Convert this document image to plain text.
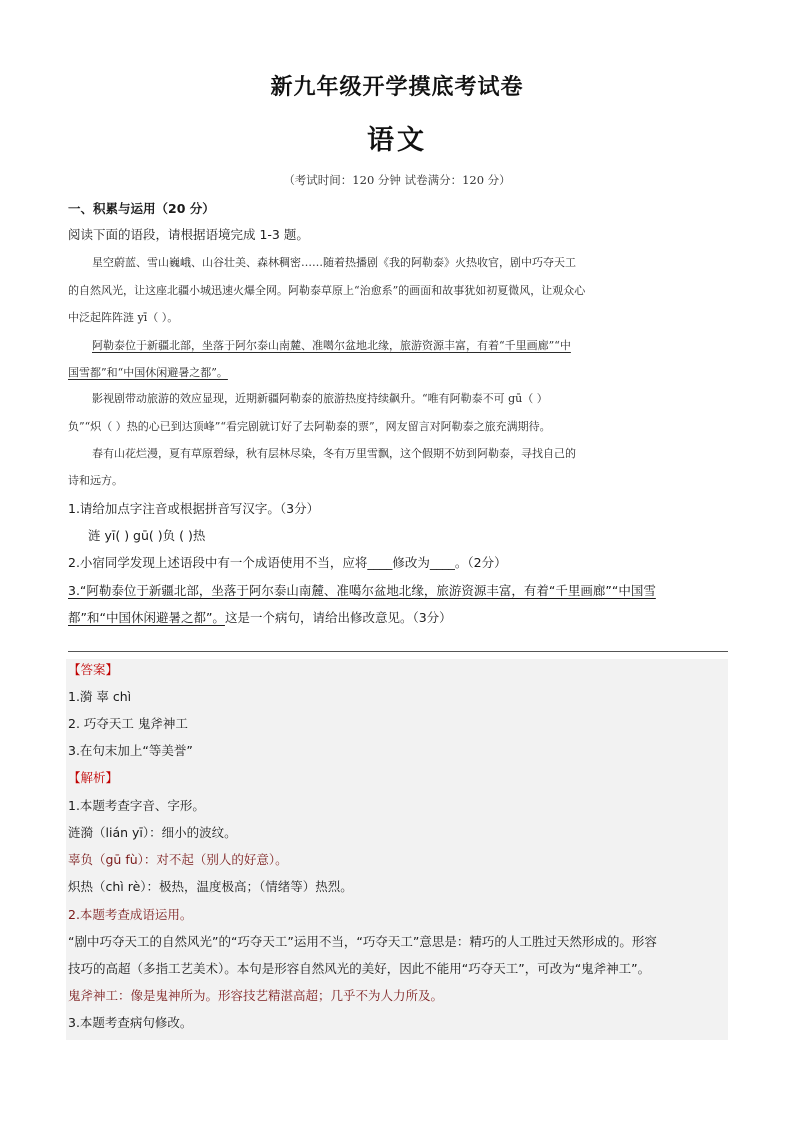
新九年级开学摸底考试卷
语文
（考试时间：120 分钟 试卷满分：120 分）
一、积累与运用（20 分）
阅读下面的语段，请根据语境完成 1-3 题。
星空蔚蓝、雪山巍峨、山谷壮美、森林稠密……随着热播剧《我的阿勒泰》火热收官，剧中巧夺天工
的自然风光，让这座北疆小城迅速火爆全网。阿勒泰草原上“治愈系”的画面和故事犹如初夏微风，让观众心
中泛起阵阵涟 yī（ ）。
阿勒泰位于新疆北部，坐落于阿尔泰山南麓、准噶尔盆地北缘，旅游资源丰富，有着“千里画廊”“中
国雪都”和“中国休闲避暑之都”。
影视剧带动旅游的效应显现，近期新疆阿勒泰的旅游热度持续飙升。“唯有阿勒泰不可 gū（ ）
负”“炽（ ）热的心已到达顶峰”“看完剧就订好了去阿勒泰的票”，网友留言对阿勒泰之旅充满期待。
春有山花烂漫，夏有草原碧绿，秋有层林尽染，冬有万里雪飘，这个假期不妨到阿勒泰，寻找自己的
诗和远方。
1.请给加点字注音或根据拼音写汉字。（3分）
涟 yī( ) gū( )负 ( )热
2.小宿同学发现上述语段中有一个成语使用不当，应将____修改为____。（2分）
3.“阿勒泰位于新疆北部，坐落于阿尔泰山南麓、准噶尔盆地北缘，旅游资源丰富，有着“千里画廊”“中国雪
都”和“中国休闲避暑之都”。这是一个病句，请给出修改意见。（3分）
【答案】
1.漪 辜 chì
2. 巧夺天工 鬼斧神工
3.在句末加上“等美誉”
【解析】
1.本题考查字音、字形。
涟漪（lián yī）：细小的波纹。
辜负（gū fù）：对不起（别人的好意）。
炽热（chì rè）：极热，温度极高；（情绪等）热烈。
2.本题考查成语运用。
“剧中巧夺天工的自然风光”的“巧夺天工”运用不当，“巧夺天工”意思是：精巧的人工胜过天然形成的。形容
技巧的高超（多指工艺美术）。本句是形容自然风光的美好，因此不能用“巧夺天工”，可改为“鬼斧神工”。
鬼斧神工：像是鬼神所为。形容技艺精湛高超；几乎不为人力所及。
3.本题考查病句修改。
